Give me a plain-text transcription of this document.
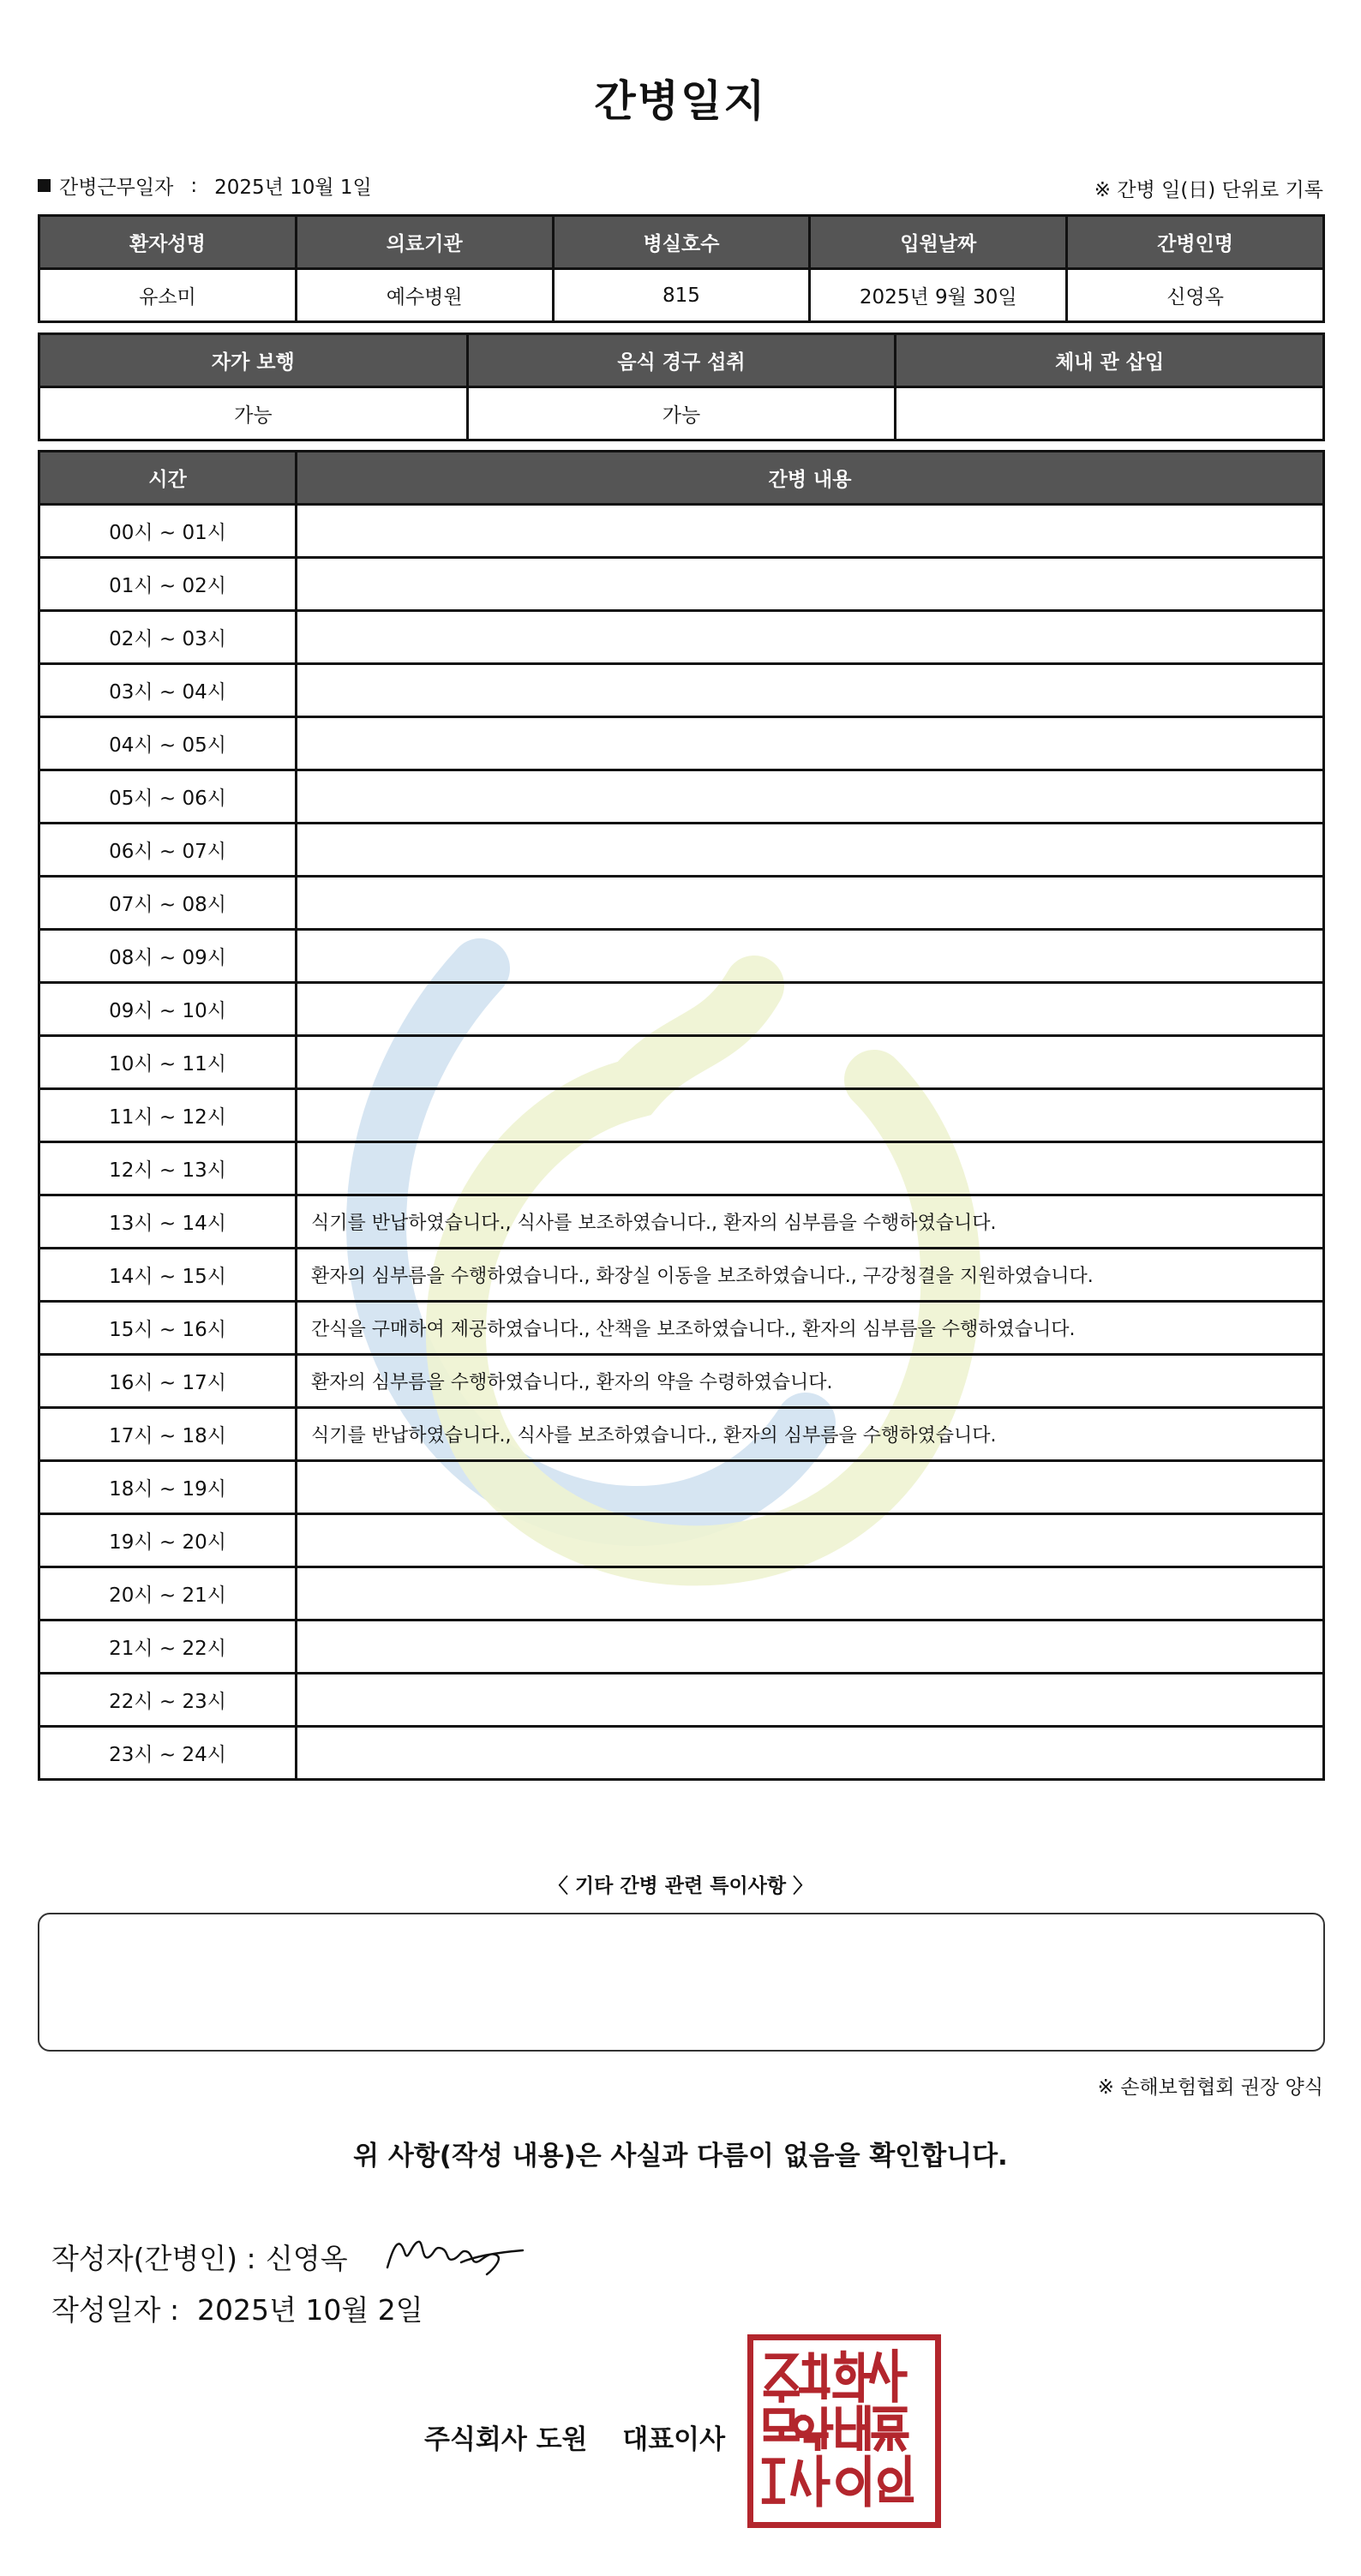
간병일지
간병근무일자 : 2025년 10월 1일	※ 간병 일(日) 단위로 기록
환자성명	의료기관	병실호수	입원날짜	간병인명
유소미	예수병원	815	2025년 9월 30일	신영옥
자가 보행	음식 경구 섭취	체내 관 삽입
가능	가능	
시간	간병 내용
00시 ~ 01시	
01시 ~ 02시	
02시 ~ 03시	
03시 ~ 04시	
04시 ~ 05시	
05시 ~ 06시	
06시 ~ 07시	
07시 ~ 08시	
08시 ~ 09시	
09시 ~ 10시	
10시 ~ 11시	
11시 ~ 12시	
12시 ~ 13시	
13시 ~ 14시	식기를 반납하였습니다., 식사를 보조하였습니다., 환자의 심부름을 수행하였습니다.
14시 ~ 15시	환자의 심부름을 수행하였습니다., 화장실 이동을 보조하였습니다., 구강청결을 지원하였습니다.
15시 ~ 16시	간식을 구매하여 제공하였습니다., 산책을 보조하였습니다., 환자의 심부름을 수행하였습니다.
16시 ~ 17시	환자의 심부름을 수행하였습니다., 환자의 약을 수령하였습니다.
17시 ~ 18시	식기를 반납하였습니다., 식사를 보조하였습니다., 환자의 심부름을 수행하였습니다.
18시 ~ 19시	
19시 ~ 20시	
20시 ~ 21시	
21시 ~ 22시	
22시 ~ 23시	
23시 ~ 24시	
〈 기타 간병 관련 특이사항 〉
※ 손해보험협회 권장 양식
위 사항(작성 내용)은 사실과 다름이 없음을 확인합니다.
작성자(간병인) : 신영옥
작성일자 : 2025년 10월 2일
주식회사 도원 대표이사
